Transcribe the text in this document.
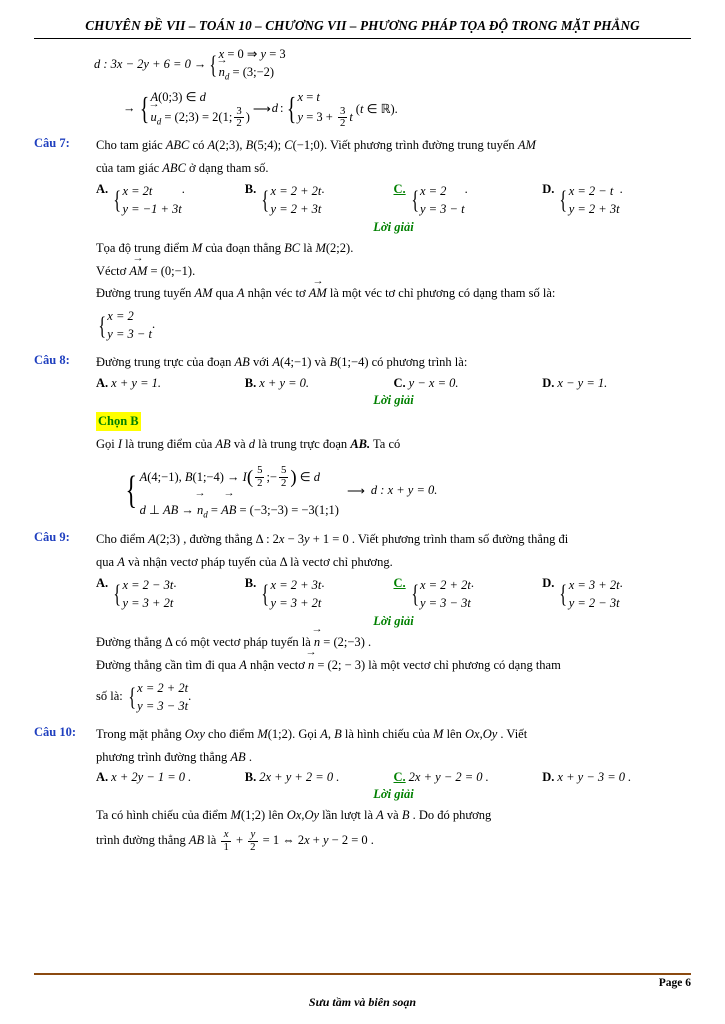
CHUYÊN ĐỀ VII – TOÁN 10 – CHƯƠNG VII – PHƯƠNG PHÁP TỌA ĐỘ TRONG MẶT PHẲNG
d : 3x − 2y + 6 = 0 → { x = 0 ⇒ y = 3
→ $n_d$ = (3;−2)
→ { A(0;3) ∈ d
→ $u_d$ = (2;3) = 2(1; $\frac{3}{2}$ )
⟶ d : { x = t
$y = 3 + \frac{3}{2}$ t
(t ∈ ℝ).
Câu 7:	Cho tam giác ABC có A(2;3), B(5;4); C(−1;0). Viết phương trình đường trung tuyến AM

của tam giác ABC ở dạng tham số.

A. { x = 2t
y = −1 + 3t
.	B. { x = 2 + 2t
y = 2 + 3t
.	C. { x = 2
y = 3 − t
.	D. { x = 2 − t
y = 2 + 3t
.
Lời giải

Tọa độ trung điểm M của đoạn thẳng BC là M(2;2).

Véctơ → AM = (0;−1).

Đường trung tuyến AM qua A nhận véc tơ → AM là một véc tơ chỉ phương có dạng tham số là:

{ x = 2
y = 3 − t
.

Câu 8:	Đường trung trực của đoạn AB với A(4;−1) và B(1;−4) có phương trình là:

A. x + y = 1.	B. x + y = 0.	C. y − x = 0.	D. x − y = 1.
Lời giải

Chọn B

Gọi I là trung điểm của AB và d là trung trực đoạn AB. Ta có

{ A(4;−1), B(1;−4) → $I( \frac{5}{2}$ ;− $\frac{5}{2}$ ) ∈ d
d ⊥ AB → → $n_d$ = → AB = (−3;−3) = −3(1;1)
⟶ d : x + y = 0.
Câu 9:	Cho điểm A(2;3) , đường thẳng Δ : 2x − 3y + 1 = 0 . Viết phương trình tham số đường thẳng đi

qua A và nhận vectơ pháp tuyến của Δ là vectơ chỉ phương.

A. { x = 2 − 3t
y = 3 + 2t
.	B. { x = 2 + 3t
y = 3 + 2t
.	C. { x = 2 + 2t
y = 3 − 3t
.	D. { x = 3 + 2t
y = 2 − 3t
.
Lời giải

Đường thẳng Δ có một vectơ pháp tuyến là → n = (2;−3) .

Đường thẳng cần tìm đi qua A nhận vectơ → n = (2; − 3) là một vectơ chỉ phương có dạng tham

số là: { x = 2 + 2t
y = 3 − 3t
.

Câu 10:	Trong mặt phẳng Oxy cho điểm M(1;2). Gọi A, B là hình chiếu của M lên Ox,Oy . Viết

phương trình đường thẳng AB .

A. x + 2y − 1 = 0 .	B. 2x + y + 2 = 0 .	C. 2x + y − 2 = 0 .	D. x + y − 3 = 0 .
Lời giải

Ta có hình chiếu của điểm M(1;2) lên Ox,Oy lần lượt là A và B . Do đó phương

trình đường thẳng AB là $\frac{x}{1} + \frac{y}{2} = 1$ ⇔ 2x + y − 2 = 0 .

Page 6
Sưu tầm và biên soạn
